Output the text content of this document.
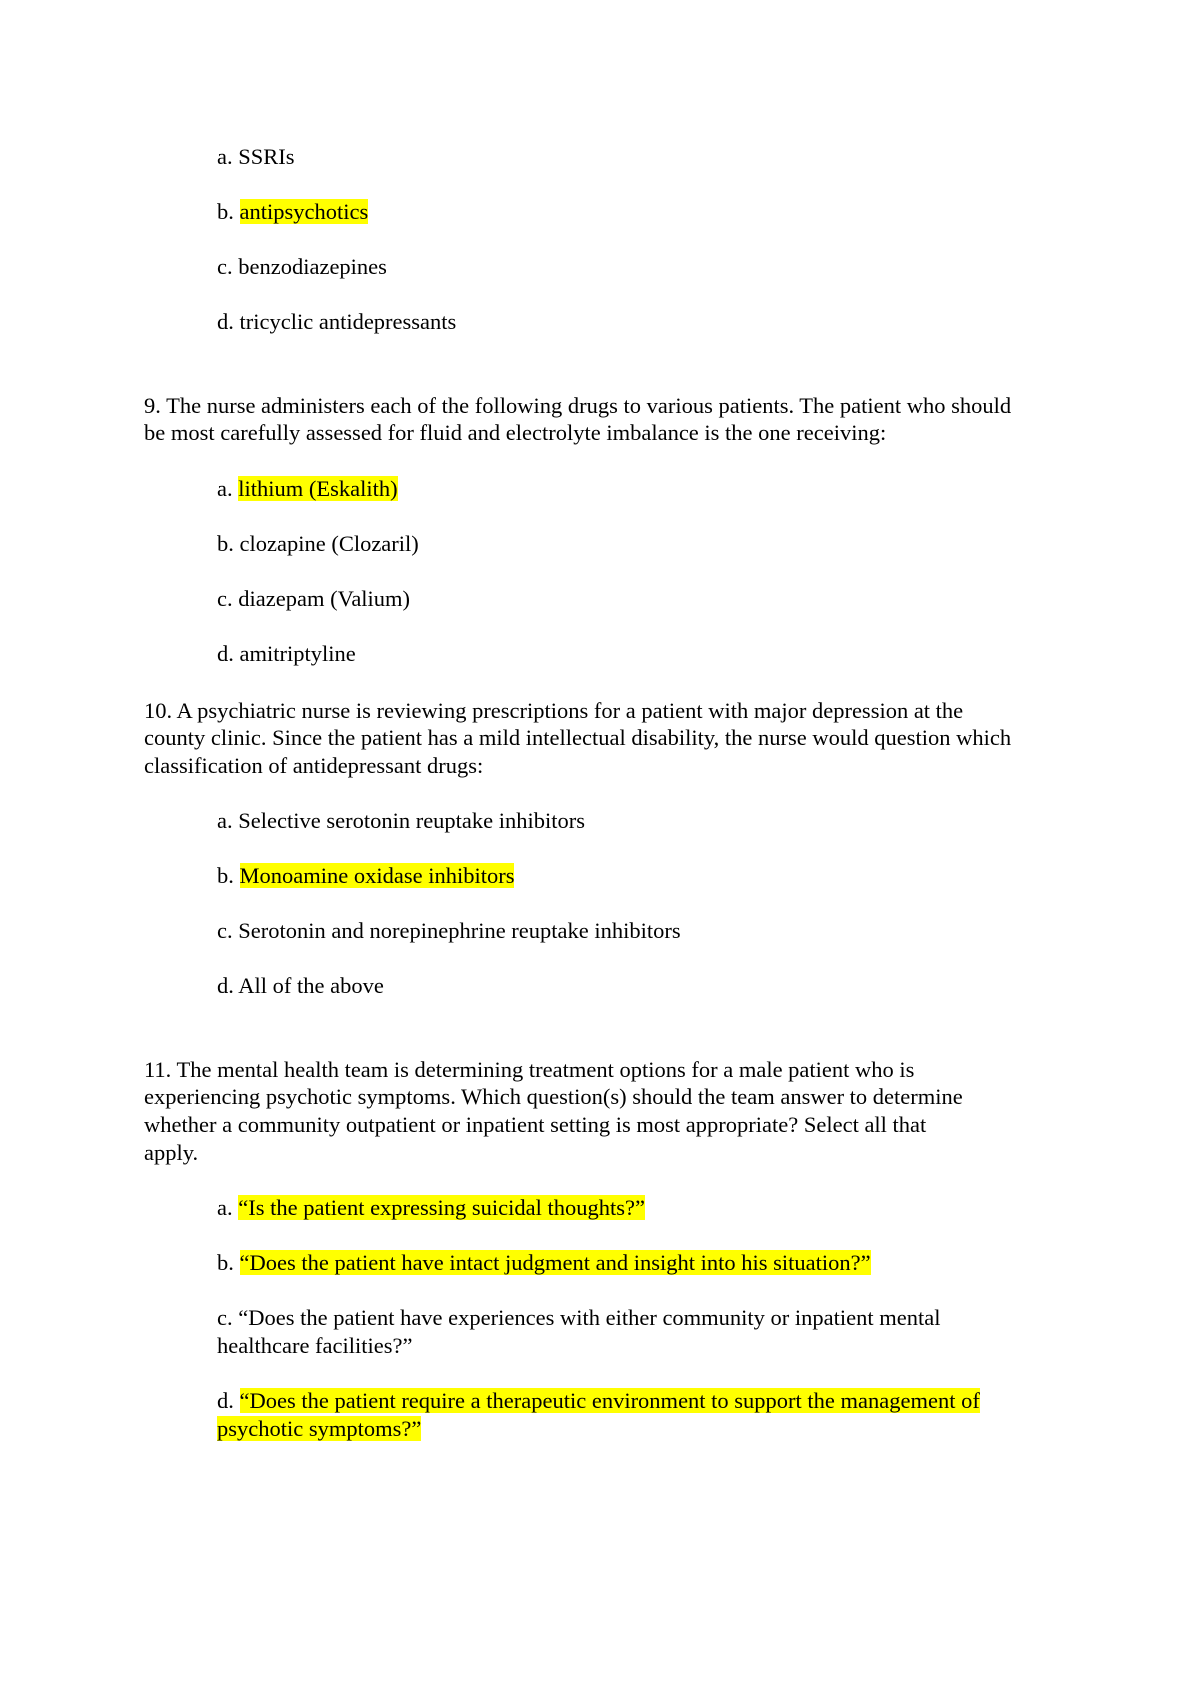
a. SSRIs
b. antipsychotics
c. benzodiazepines
d. tricyclic antidepressants
9. The nurse administers each of the following drugs to various patients. The patient who should
be most carefully assessed for fluid and electrolyte imbalance is the one receiving:
a. lithium (Eskalith)
b. clozapine (Clozaril)
c. diazepam (Valium)
d. amitriptyline
10. A psychiatric nurse is reviewing prescriptions for a patient with major depression at the
county clinic. Since the patient has a mild intellectual disability, the nurse would question which
classification of antidepressant drugs:
a. Selective serotonin reuptake inhibitors
b. Monoamine oxidase inhibitors
c. Serotonin and norepinephrine reuptake inhibitors
d. All of the above
11. The mental health team is determining treatment options for a male patient who is
experiencing psychotic symptoms. Which question(s) should the team answer to determine
whether a community outpatient or inpatient setting is most appropriate? Select all that
apply.
a. “Is the patient expressing suicidal thoughts?”
b. “Does the patient have intact judgment and insight into his situation?”
c. “Does the patient have experiences with either community or inpatient mental
healthcare facilities?”
d. “Does the patient require a therapeutic environment to support the management of
psychotic symptoms?”
